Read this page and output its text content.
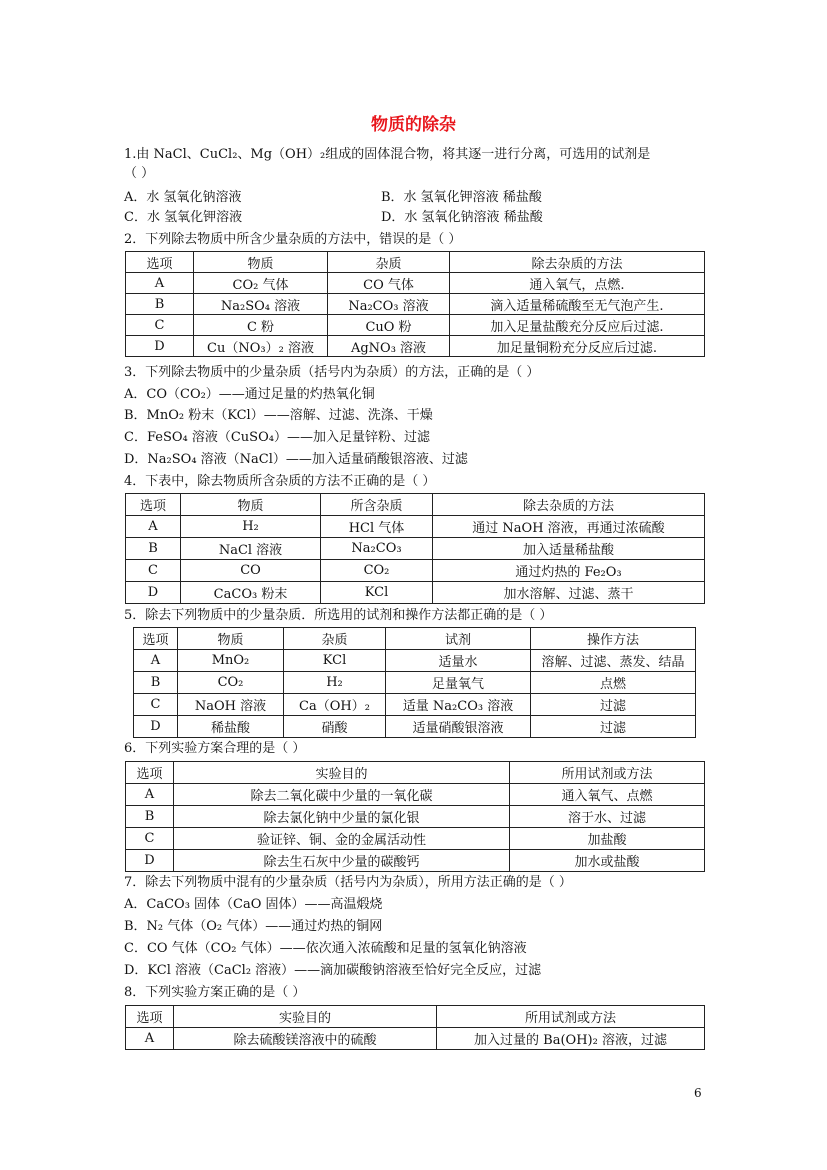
物质的除杂
1.由 NaCl、CuCl₂、Mg（OH）₂组成的固体混合物，将其逐一进行分离，可选用的试剂是
（ ）
A．水 氢氧化钠溶液	B．水 氢氧化钾溶液 稀盐酸
C．水 氢氧化钾溶液	D．水 氢氧化钠溶液 稀盐酸
2．下列除去物质中所含少量杂质的方法中，错误的是（ ）
选项	物质	杂质	除去杂质的方法
A	CO₂ 气体	CO 气体	通入氧气，点燃.
B	Na₂SO₄ 溶液	Na₂CO₃ 溶液	滴入适量稀硫酸至无气泡产生.
C	C 粉	CuO 粉	加入足量盐酸充分反应后过滤.
D	Cu（NO₃）₂ 溶液	AgNO₃ 溶液	加足量铜粉充分反应后过滤.
3．下列除去物质中的少量杂质（括号内为杂质）的方法，正确的是（ ）
A．CO（CO₂）——通过足量的灼热氧化铜
B．MnO₂ 粉末（KCl）——溶解、过滤、洗涤、干燥
C．FeSO₄ 溶液（CuSO₄）——加入足量锌粉、过滤
D．Na₂SO₄ 溶液（NaCl）——加入适量硝酸银溶液、过滤
4．下表中，除去物质所含杂质的方法不正确的是（ ）
选项	物质	所含杂质	除去杂质的方法
A	H₂	HCl 气体	通过 NaOH 溶液，再通过浓硫酸
B	NaCl 溶液	Na₂CO₃	加入适量稀盐酸
C	CO	CO₂	通过灼热的 Fe₂O₃
D	CaCO₃ 粉末	KCl	加水溶解、过滤、蒸干
5．除去下列物质中的少量杂质．所选用的试剂和操作方法都正确的是（ ）
选项	物质	杂质	试剂	操作方法
A	MnO₂	KCl	适量水	溶解、过滤、蒸发、结晶
B	CO₂	H₂	足量氧气	点燃
C	NaOH 溶液	Ca（OH）₂	适量 Na₂CO₃ 溶液	过滤
D	稀盐酸	硝酸	适量硝酸银溶液	过滤
6．下列实验方案合理的是（ ）
选项	实验目的	所用试剂或方法
A	除去二氧化碳中少量的一氧化碳	通入氧气、点燃
B	除去氯化钠中少量的氯化银	溶于水、过滤
C	验证锌、铜、金的金属活动性	加盐酸
D	除去生石灰中少量的碳酸钙	加水或盐酸
7．除去下列物质中混有的少量杂质（括号内为杂质），所用方法正确的是（ ）
A．CaCO₃ 固体（CaO 固体）——高温煅烧
B．N₂ 气体（O₂ 气体）——通过灼热的铜网
C．CO 气体（CO₂ 气体）——依次通入浓硫酸和足量的氢氧化钠溶液
D．KCl 溶液（CaCl₂ 溶液）——滴加碳酸钠溶液至恰好完全反应，过滤
8．下列实验方案正确的是（ ）
选项	实验目的	所用试剂或方法
A	除去硫酸镁溶液中的硫酸	加入过量的 Ba(OH)₂ 溶液，过滤
6
